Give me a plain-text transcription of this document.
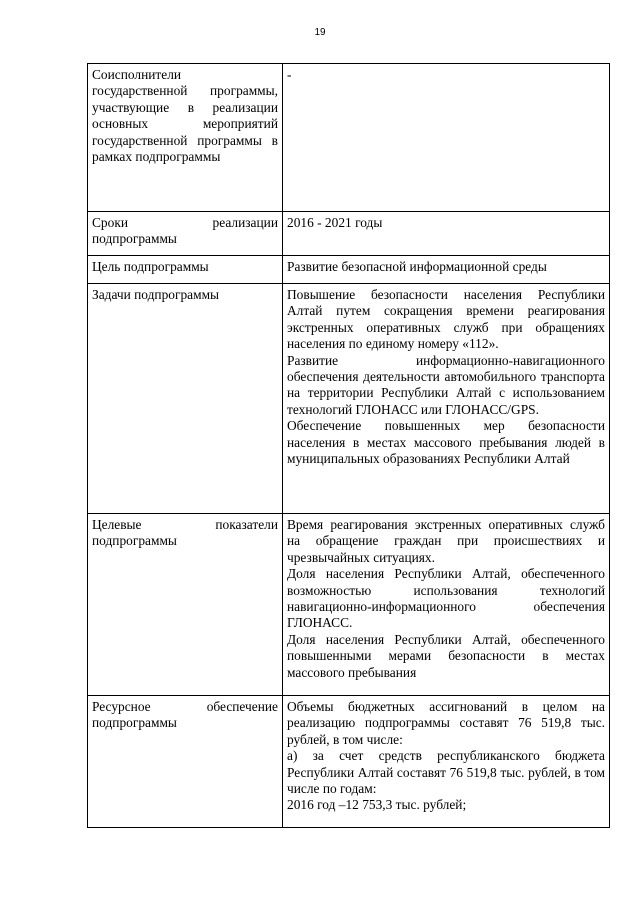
19
Соисполнители государственной программы, участвующие в реализации основных мероприятий государственной программы в рамках подпрограммы	-

Сроки реализации подпрограммы	2016 - 2021 годы

Цель подпрограммы	Развитие безопасной информационной среды

Задачи подпрограммы	Повышение безопасности населения Республики Алтай путем сокращения времени реагирования экстренных оперативных служб при обращениях населения по единому номеру «112».

Развитие информационно-навигационного обеспечения деятельности автомобильного транспорта на территории Республики Алтай с использованием технологий ГЛОНАСС или ГЛОНАСС/GPS.

Обеспечение повышенных мер безопасности населения в местах массового пребывания людей в муниципальных образованиях Республики Алтай

Целевые показатели подпрограммы	Время реагирования экстренных оперативных служб на обращение граждан при происшествиях и чрезвычайных ситуациях.

Доля населения Республики Алтай, обеспеченного возможностью использования технологий навигационно-информационного обеспечения ГЛОНАСС.

Доля населения Республики Алтай, обеспеченного повышенными мерами безопасности в местах массового пребывания

Ресурсное обеспечение подпрограммы	Объемы бюджетных ассигнований в целом на реализацию подпрограммы составят 76 519,8 тыс. рублей, в том числе:

а) за счет средств республиканского бюджета Республики Алтай составят 76 519,8 тыс. рублей, в том числе по годам:

2016 год –12 753,3 тыс. рублей;
